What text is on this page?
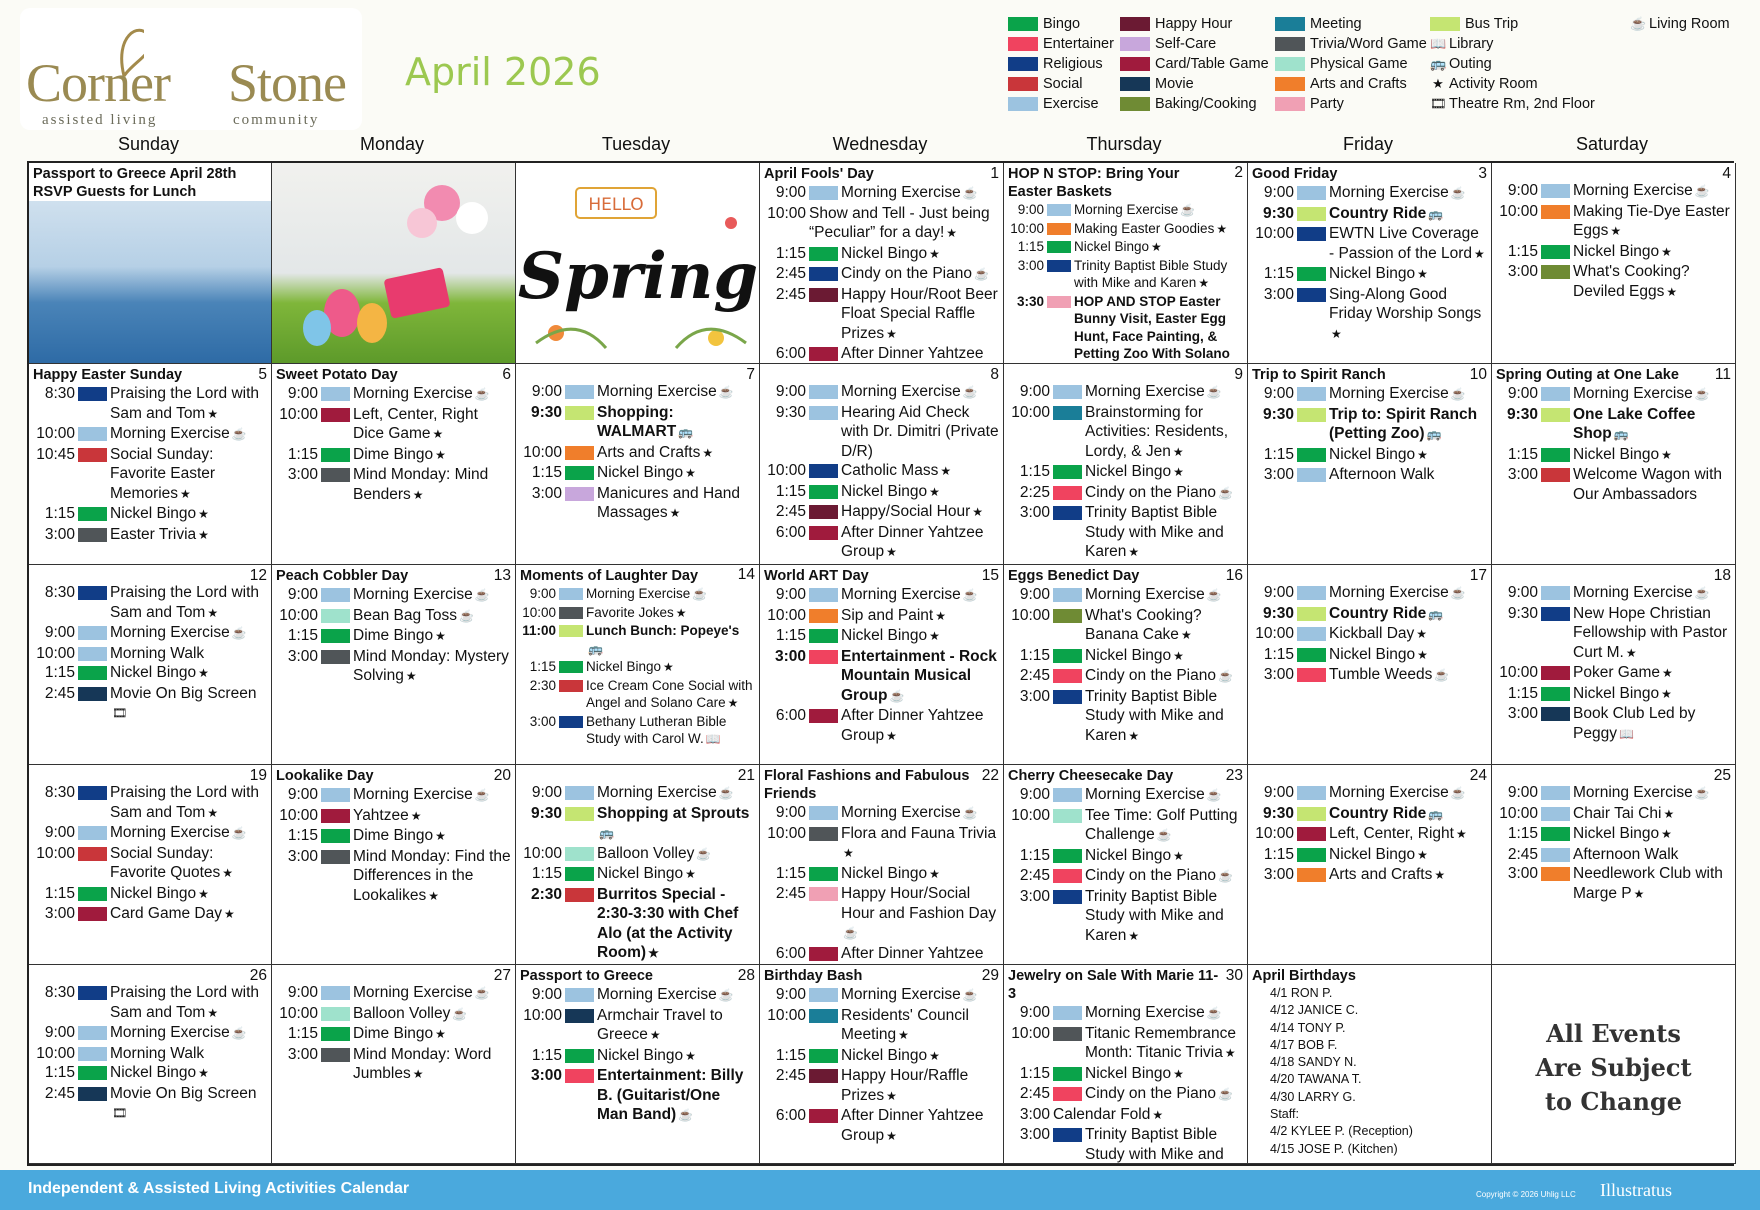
Corner Stone
assisted living	community
April 2026
Bingo
Entertainer
Religious
Social
Exercise
Happy Hour
Self-Care
Card/Table Game
Movie
Baking/Cooking
Meeting
Trivia/Word Game
Physical Game
Arts and Crafts
Party
Bus Trip
📖 Library
🚌 Outing
★ Activity Room
🎞 Theatre Rm, 2nd Floor
☕ Living Room
Sunday	Monday	Tuesday	Wednesday	Thursday	Friday	Saturday
Passport to Greece April 28th RSVP Guests for Lunch
HELLO
Spring
April Fools' Day	1
9:00 Morning Exercise ☕
10:00 Show and Tell - Just being “Peculiar” for a day! ★
1:15 Nickel Bingo ★
2:45 Cindy on the Piano ☕
2:45 Happy Hour/Root Beer Float Special Raffle Prizes ★
6:00 After Dinner Yahtzee
HOP N STOP: Bring Your Easter Baskets
2
9:00 Morning Exercise ☕
10:00 Making Easter Goodies ★
1:15 Nickel Bingo ★
3:00 Trinity Baptist Bible Study with Mike and Karen ★
3:30 HOP AND STOP Easter Bunny Visit, Easter Egg Hunt, Face Painting, & Petting Zoo With Solano
Good Friday	3
9:00 Morning Exercise ☕
9:30 Country Ride 🚌
10:00 EWTN Live Coverage - Passion of the Lord ★
1:15 Nickel Bingo ★
3:00 Sing-Along Good Friday Worship Songs★
4
9:00 Morning Exercise ☕
10:00 Making Tie-Dye Easter Eggs ★
1:15 Nickel Bingo ★
3:00 What's Cooking? Deviled Eggs ★
Happy Easter Sunday	5
8:30 Praising the Lord with Sam and Tom ★
10:00 Morning Exercise ☕
10:45 Social Sunday: Favorite Easter Memories ★
1:15 Nickel Bingo ★
3:00 Easter Trivia ★
Sweet Potato Day	6
9:00 Morning Exercise ☕
10:00 Left, Center, Right Dice Game ★
1:15 Dime Bingo ★
3:00 Mind Monday: Mind Benders ★
7
9:00 Morning Exercise ☕
9:30 Shopping: WALMART 🚌
10:00 Arts and Crafts ★
1:15 Nickel Bingo ★
3:00 Manicures and Hand Massages ★
8
9:00 Morning Exercise ☕
9:30 Hearing Aid Check with Dr. Dimitri (Private D/R)
10:00 Catholic Mass ★
1:15 Nickel Bingo ★
2:45 Happy/Social Hour ★
6:00 After Dinner Yahtzee Group ★
9
9:00 Morning Exercise ☕
10:00 Brainstorming for Activities: Residents, Lordy, & Jen ★
1:15 Nickel Bingo ★
2:25 Cindy on the Piano ☕
3:00 Trinity Baptist Bible Study with Mike and Karen ★
Trip to Spirit Ranch	10
9:00 Morning Exercise ☕
9:30 Trip to: Spirit Ranch (Petting Zoo) 🚌
1:15 Nickel Bingo ★
3:00 Afternoon Walk
Spring Outing at One Lake	11
9:00 Morning Exercise ☕
9:30 One Lake Coffee Shop 🚌
1:15 Nickel Bingo ★
3:00 Welcome Wagon with Our Ambassadors
12
8:30 Praising the Lord with Sam and Tom ★
9:00 Morning Exercise ☕
10:00 Morning Walk
1:15 Nickel Bingo ★
2:45 Movie On Big Screen🎞
Peach Cobbler Day	13
9:00 Morning Exercise ☕
10:00 Bean Bag Toss ☕
1:15 Dime Bingo ★
3:00 Mind Monday: Mystery Solving ★
Moments of Laughter Day	14
9:00 Morning Exercise ☕
10:00 Favorite Jokes ★
11:00 Lunch Bunch: Popeye's🚌
1:15 Nickel Bingo ★
2:30 Ice Cream Cone Social with Angel and Solano Care ★
3:00 Bethany Lutheran Bible Study with Carol W. 📖
World ART Day	15
9:00 Morning Exercise ☕
10:00 Sip and Paint ★
1:15 Nickel Bingo ★
3:00 Entertainment - Rock Mountain Musical Group ☕
6:00 After Dinner Yahtzee Group ★
Eggs Benedict Day	16
9:00 Morning Exercise ☕
10:00 What's Cooking? Banana Cake ★
1:15 Nickel Bingo ★
2:45 Cindy on the Piano ☕
3:00 Trinity Baptist Bible Study with Mike and Karen ★
17
9:00 Morning Exercise ☕
9:30 Country Ride 🚌
10:00 Kickball Day ★
1:15 Nickel Bingo ★
3:00 Tumble Weeds ☕
18
9:00 Morning Exercise ☕
9:30 New Hope Christian Fellowship with Pastor Curt M. ★
10:00 Poker Game ★
1:15 Nickel Bingo ★
3:00 Book Club Led by Peggy 📖
19
8:30 Praising the Lord with Sam and Tom ★
9:00 Morning Exercise ☕
10:00 Social Sunday: Favorite Quotes ★
1:15 Nickel Bingo ★
3:00 Card Game Day ★
Lookalike Day	20
9:00 Morning Exercise ☕
10:00 Yahtzee ★
1:15 Dime Bingo ★
3:00 Mind Monday: Find the Differences in the Lookalikes ★
21
9:00 Morning Exercise ☕
9:30 Shopping at Sprouts🚌
10:00 Balloon Volley ☕
1:15 Nickel Bingo ★
2:30 Burritos Special - 2:30-3:30 with Chef Alo (at the Activity Room) ★
Floral Fashions and Fabulous Friends
22
9:00 Morning Exercise ☕
10:00 Flora and Fauna Trivia★
1:15 Nickel Bingo ★
2:45 Happy Hour/Social Hour and Fashion Day☕
6:00 After Dinner Yahtzee
Cherry Cheesecake Day	23
9:00 Morning Exercise ☕
10:00 Tee Time: Golf Putting Challenge ☕
1:15 Nickel Bingo ★
2:45 Cindy on the Piano ☕
3:00 Trinity Baptist Bible Study with Mike and Karen ★
24
9:00 Morning Exercise ☕
9:30 Country Ride 🚌
10:00 Left, Center, Right ★
1:15 Nickel Bingo ★
3:00 Arts and Crafts ★
25
9:00 Morning Exercise ☕
10:00 Chair Tai Chi ★
1:15 Nickel Bingo ★
2:45 Afternoon Walk
3:00 Needlework Club with Marge P ★
26
8:30 Praising the Lord with Sam and Tom ★
9:00 Morning Exercise ☕
10:00 Morning Walk
1:15 Nickel Bingo ★
2:45 Movie On Big Screen🎞
27
9:00 Morning Exercise ☕
10:00 Balloon Volley ☕
1:15 Dime Bingo ★
3:00 Mind Monday: Word Jumbles ★
Passport to Greece	28
9:00 Morning Exercise ☕
10:00 Armchair Travel to Greece ★
1:15 Nickel Bingo ★
3:00 Entertainment: Billy B. (Guitarist/One Man Band) ☕
Birthday Bash	29
9:00 Morning Exercise ☕
10:00 Residents' Council Meeting ★
1:15 Nickel Bingo ★
2:45 Happy Hour/Raffle Prizes ★
6:00 After Dinner Yahtzee Group ★
Jewelry on Sale With Marie 11-3
30
9:00 Morning Exercise ☕
10:00 Titanic Remembrance Month: Titanic Trivia ★
1:15 Nickel Bingo ★
2:45 Cindy on the Piano ☕
3:00 Calendar Fold ★
3:00 Trinity Baptist Bible Study with Mike and
April Birthdays
4/1 RON P.
4/12 JANICE C.
4/14 TONY P.
4/17 BOB F.
4/18 SANDY N.
4/20 TAWANA T.
4/30 LARRY G.
Staff:
4/2 KYLEE P. (Reception)
4/15 JOSE P. (Kitchen)
All Events
Are Subject
to Change
Independent & Assisted Living Activities Calendar	Copyright © 2026 Uhlig LLC Illustratus
